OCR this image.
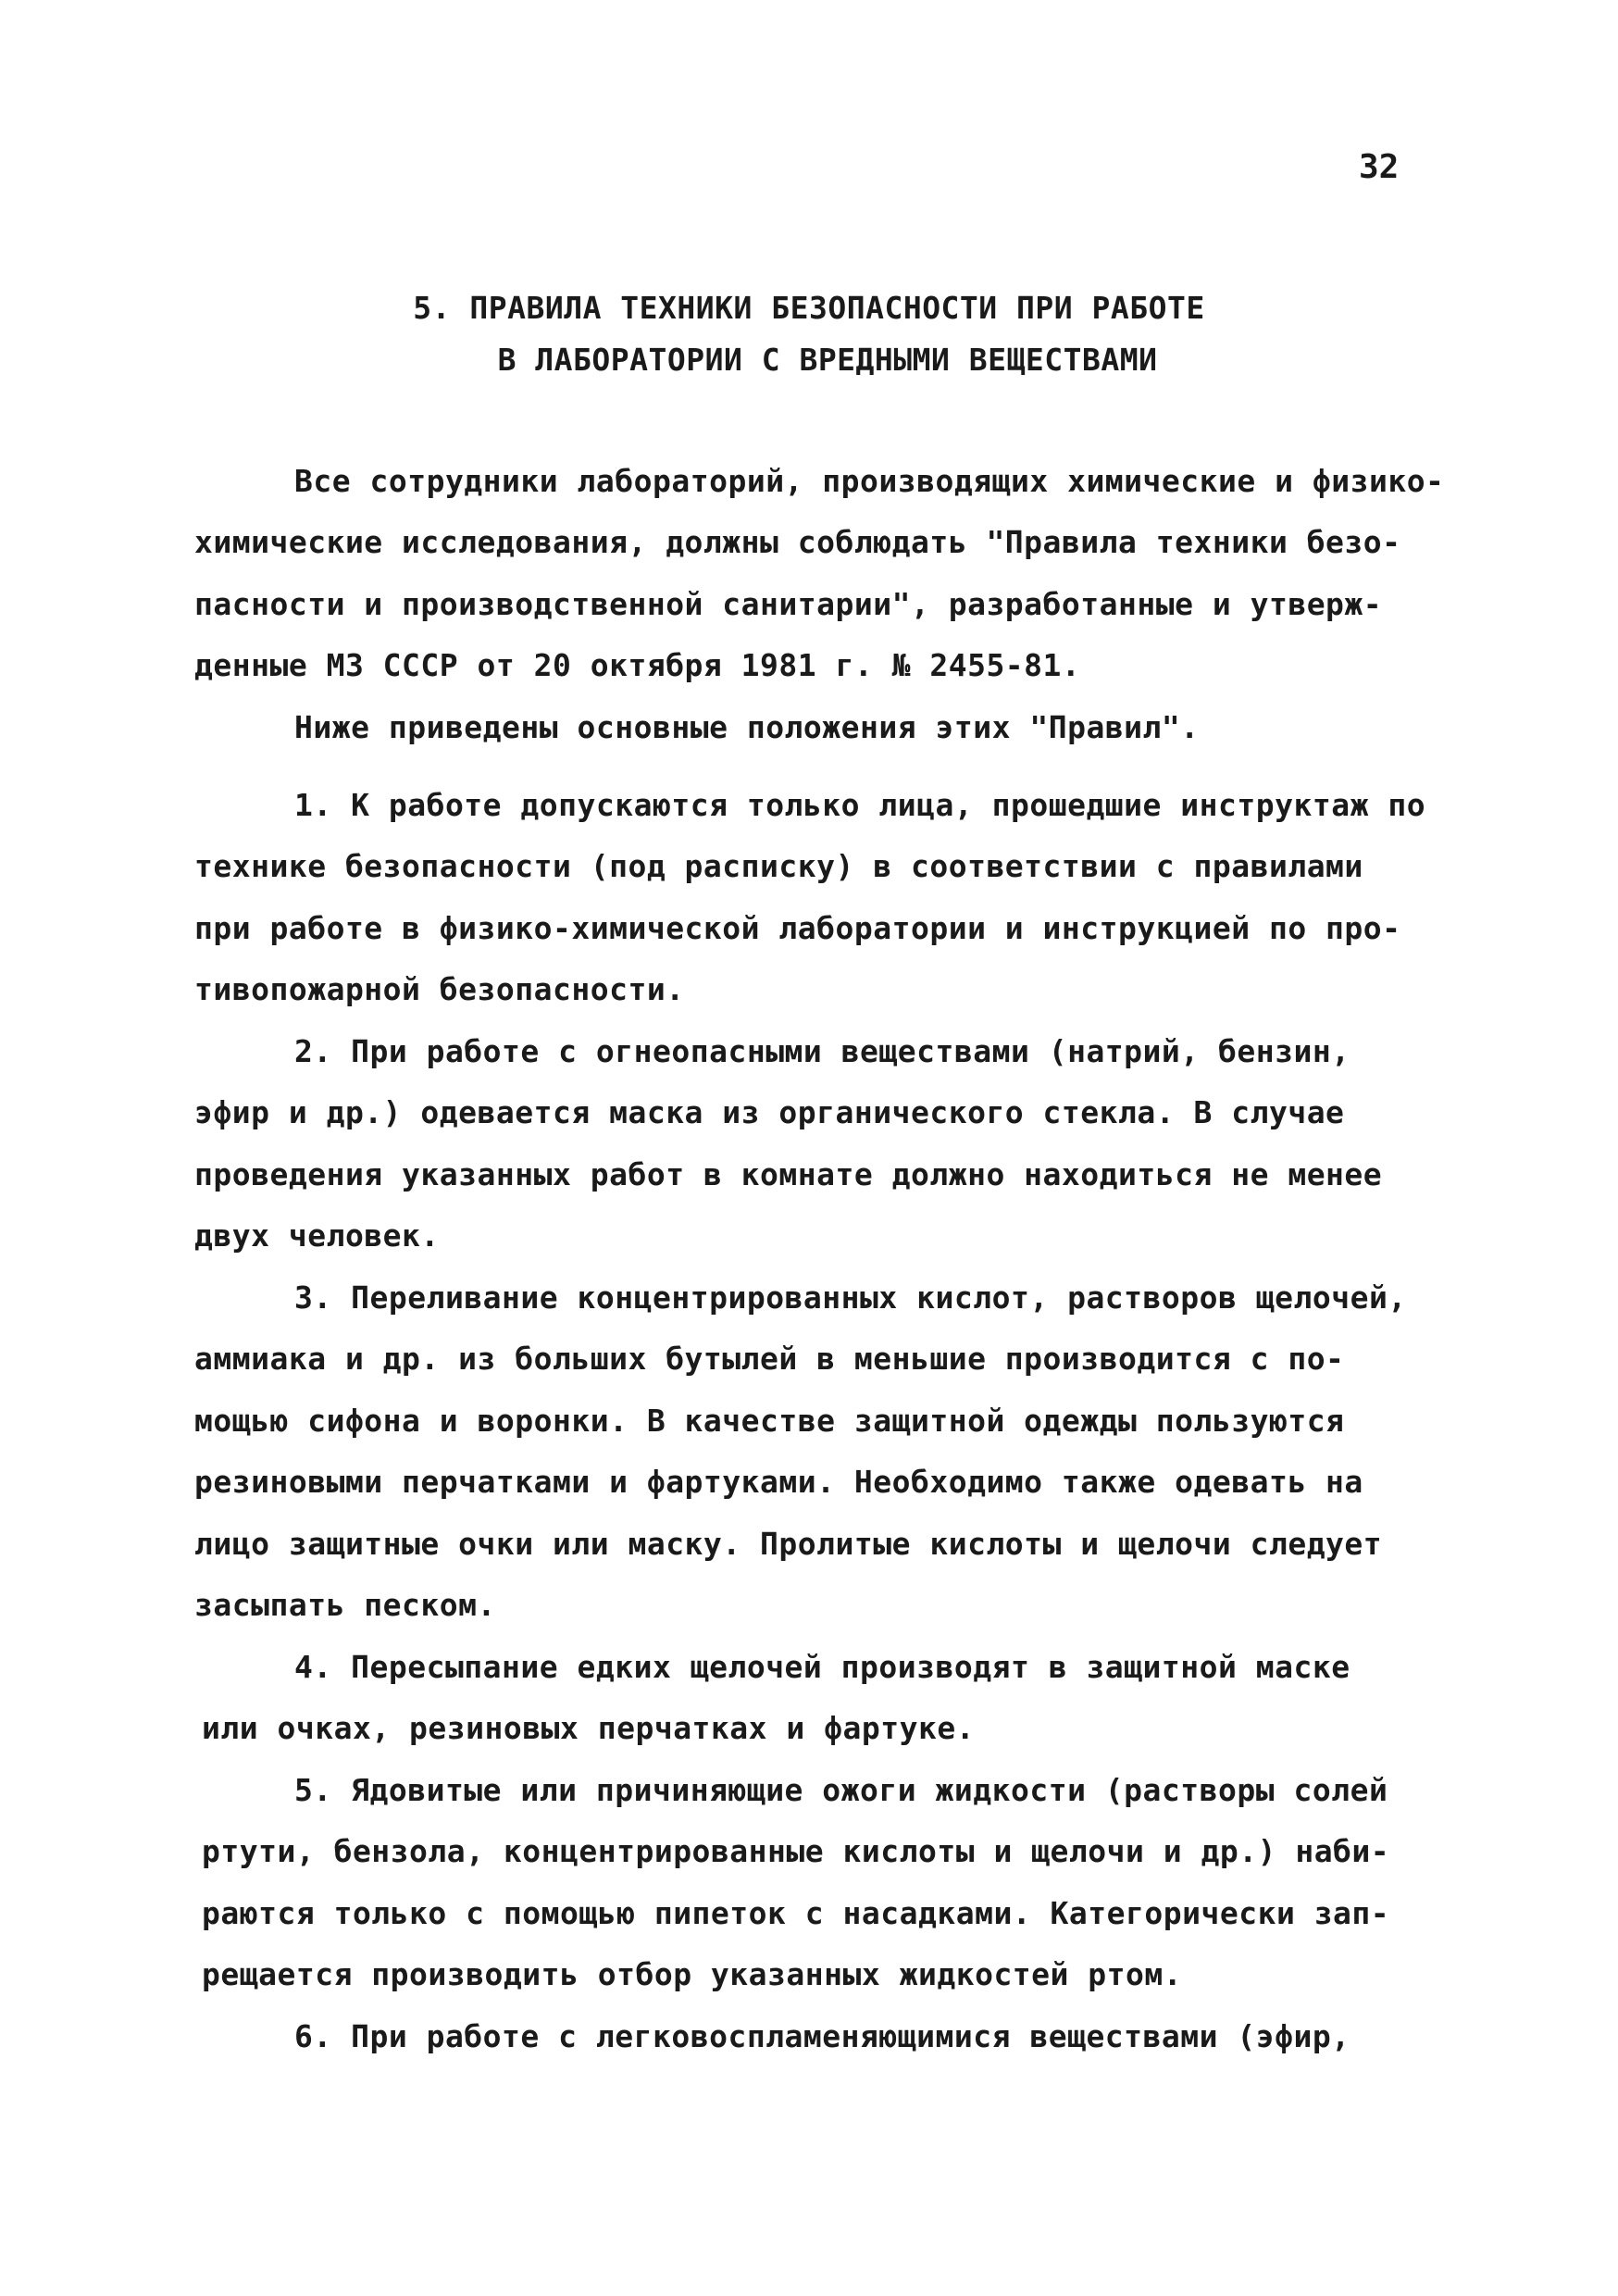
32
5. ПРАВИЛА ТЕХНИКИ БЕЗОПАСНОСТИ ПРИ РАБОТЕ
В ЛАБОРАТОРИИ С ВРЕДНЫМИ ВЕЩЕСТВАМИ
Все сотрудники лабораторий, производящих химические и физико-
химические исследования, должны соблюдать "Правила техники безо-
пасности и производственной санитарии", разработанные и утверж-
денные МЗ СССР от 20 октября 1981 г. № 2455-81.
Ниже приведены основные положения этих "Правил".
1. К работе допускаются только лица, прошедшие инструктаж по
технике безопасности (под расписку) в соответствии с правилами
при работе в физико-химической лаборатории и инструкцией по про-
тивопожарной безопасности.
2. При работе с огнеопасными веществами (натрий, бензин,
эфир и др.) одевается маска из органического стекла. В случае
проведения указанных работ в комнате должно находиться не менее
двух человек.
3. Переливание концентрированных кислот, растворов щелочей,
аммиака и др. из больших бутылей в меньшие производится с по-
мощью сифона и воронки. В качестве защитной одежды пользуются
резиновыми перчатками и фартуками. Необходимо также одевать на
лицо защитные очки или маску. Пролитые кислоты и щелочи следует
засыпать песком.
4. Пересыпание едких щелочей производят в защитной маске
или очках, резиновых перчатках и фартуке.
5. Ядовитые или причиняющие ожоги жидкости (растворы солей
ртути, бензола, концентрированные кислоты и щелочи и др.) наби-
раются только с помощью пипеток с насадками. Категорически зап-
рещается производить отбор указанных жидкостей ртом.
6. При работе с легковоспламеняющимися веществами (эфир,
